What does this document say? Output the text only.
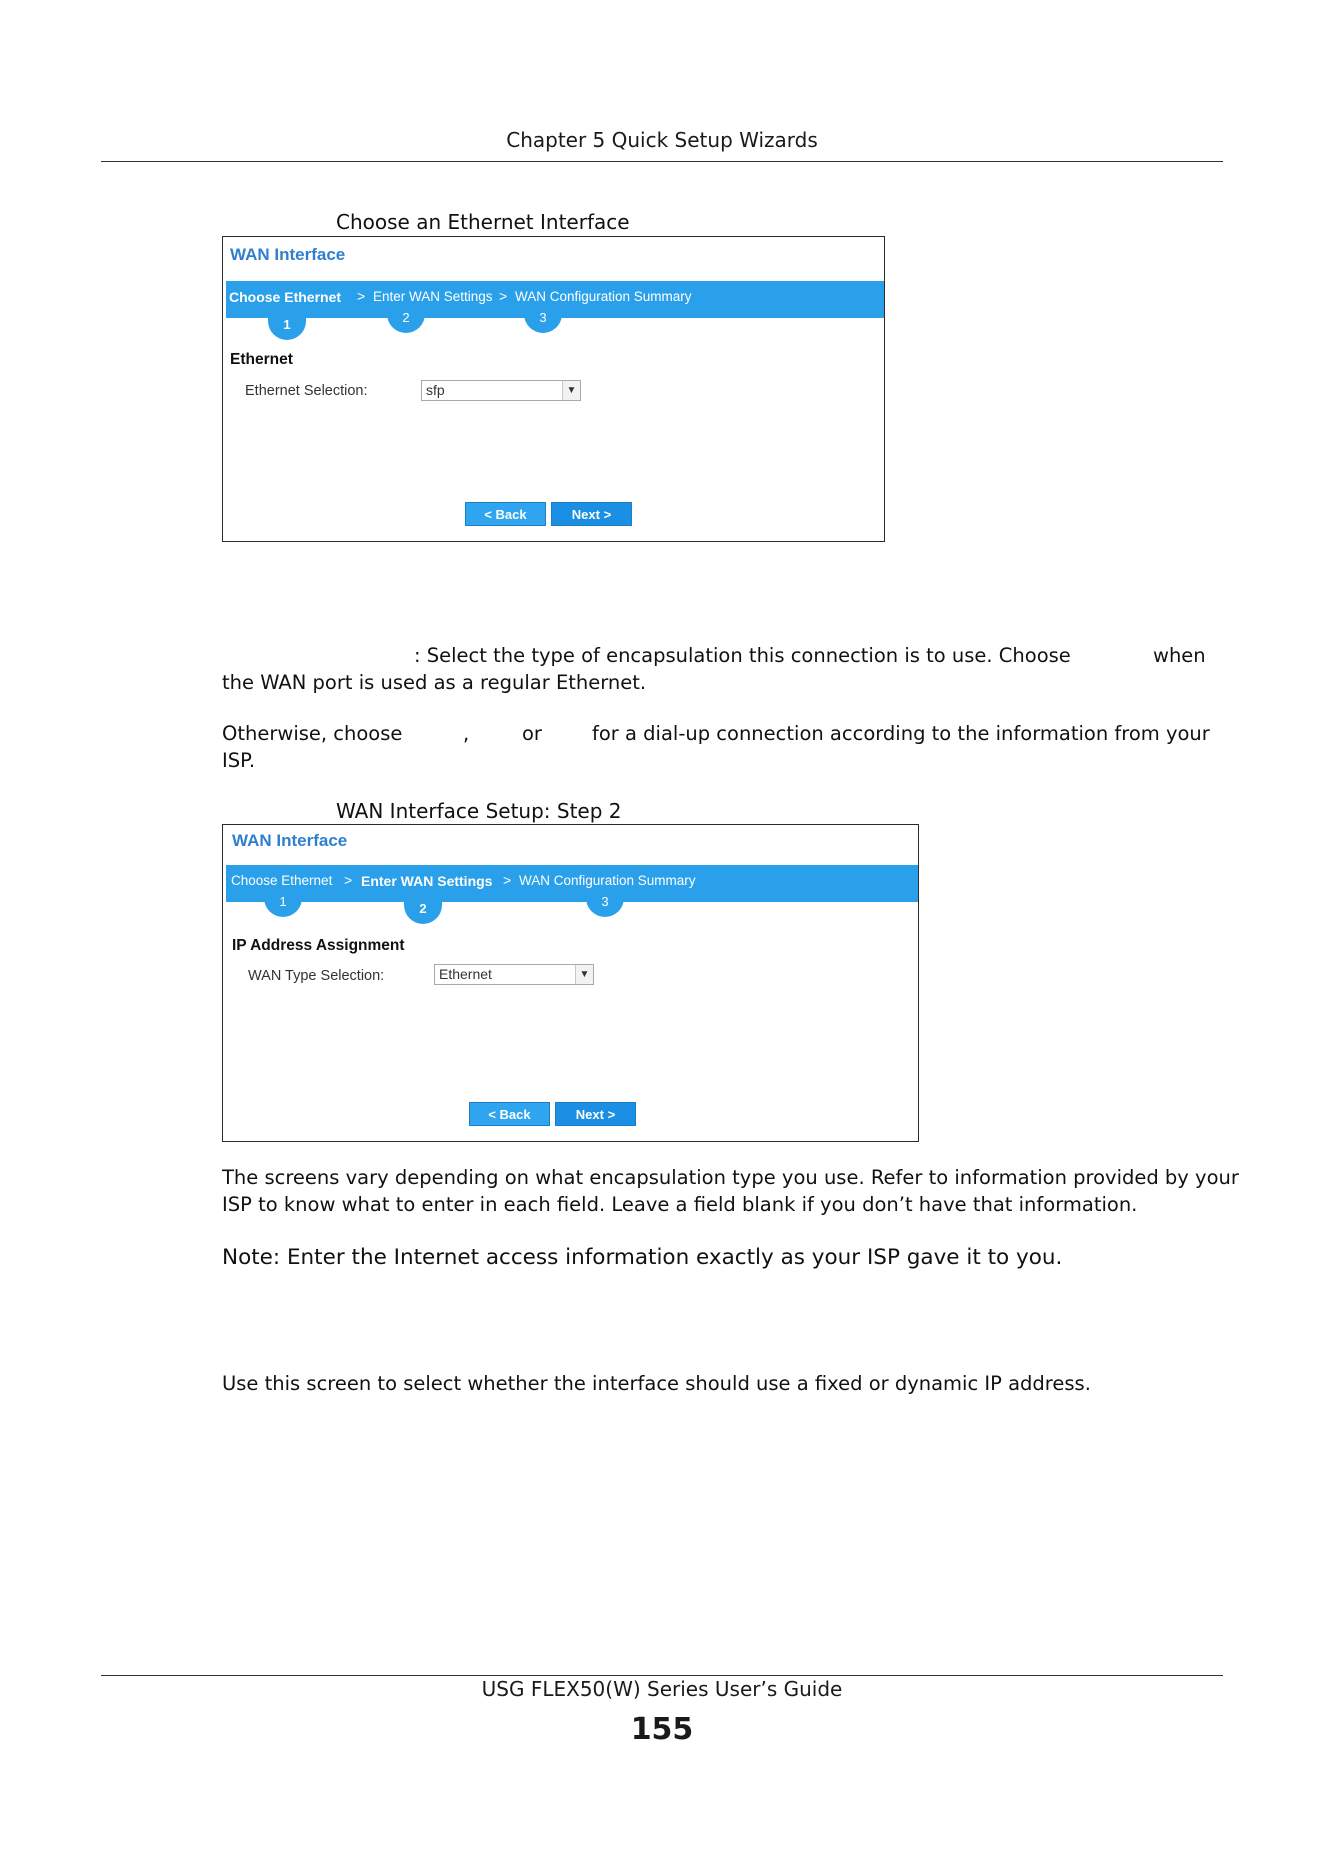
Chapter 5 Quick Setup Wizards
Choose an Ethernet Interface
WAN Interface
Choose Ethernet > Enter WAN Settings > WAN Configuration Summary
1	2	3
Ethernet
Ethernet Selection:	sfp	▼
< Back	Next >
: Select the type of encapsulation this connection is to use. Choose	when
the WAN port is used as a regular Ethernet.
Otherwise, choose	,	or	for a dial-up connection according to the information from your
ISP.
WAN Interface Setup: Step 2
WAN Interface
Choose Ethernet > Enter WAN Settings > WAN Configuration Summary
1	2	3
IP Address Assignment
WAN Type Selection:	Ethernet	▼
< Back	Next >
The screens vary depending on what encapsulation type you use. Refer to information provided by your
ISP to know what to enter in each field. Leave a field blank if you don’t have that information.
Note: Enter the Internet access information exactly as your ISP gave it to you.
Use this screen to select whether the interface should use a fixed or dynamic IP address.
USG FLEX50(W) Series User’s Guide
155
